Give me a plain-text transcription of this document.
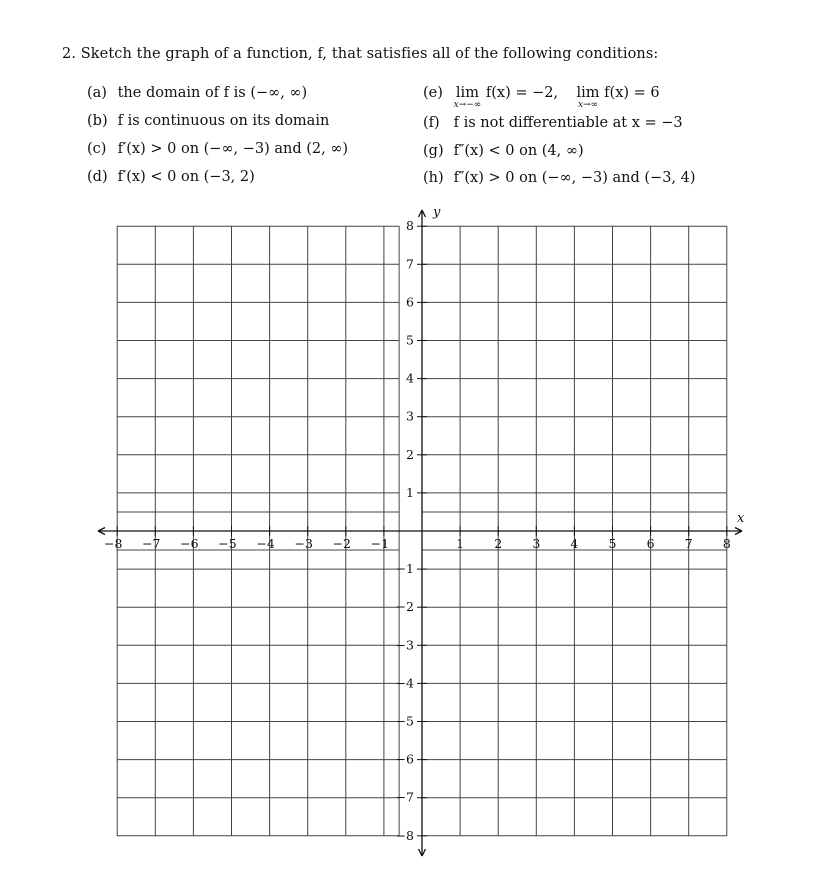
2. Sketch the graph of a function, f, that satisfies all of the following conditions:
(a) the domain of f is (−∞, ∞)
(b) f is continuous on its domain
(c) f′(x) > 0 on (−∞, −3) and (2, ∞)
(d) f′(x) < 0 on (−3, 2)
(e) lim
x→−∞
f(x) = −2, lim
x→∞
f(x) = 6
(f) f is not differentiable at x = −3
(g) f″(x) < 0 on (4, ∞)
(h) f″(x) > 0 on (−∞, −3) and (−3, 4)
−8 −7 −6 −5 −4 −3 −2 −1	1 2 3 4 5 6 7 8
8
7
6
5
4
3
2
1
−1
−2
−3
−4
−5
−6
−7
−8
x
y
